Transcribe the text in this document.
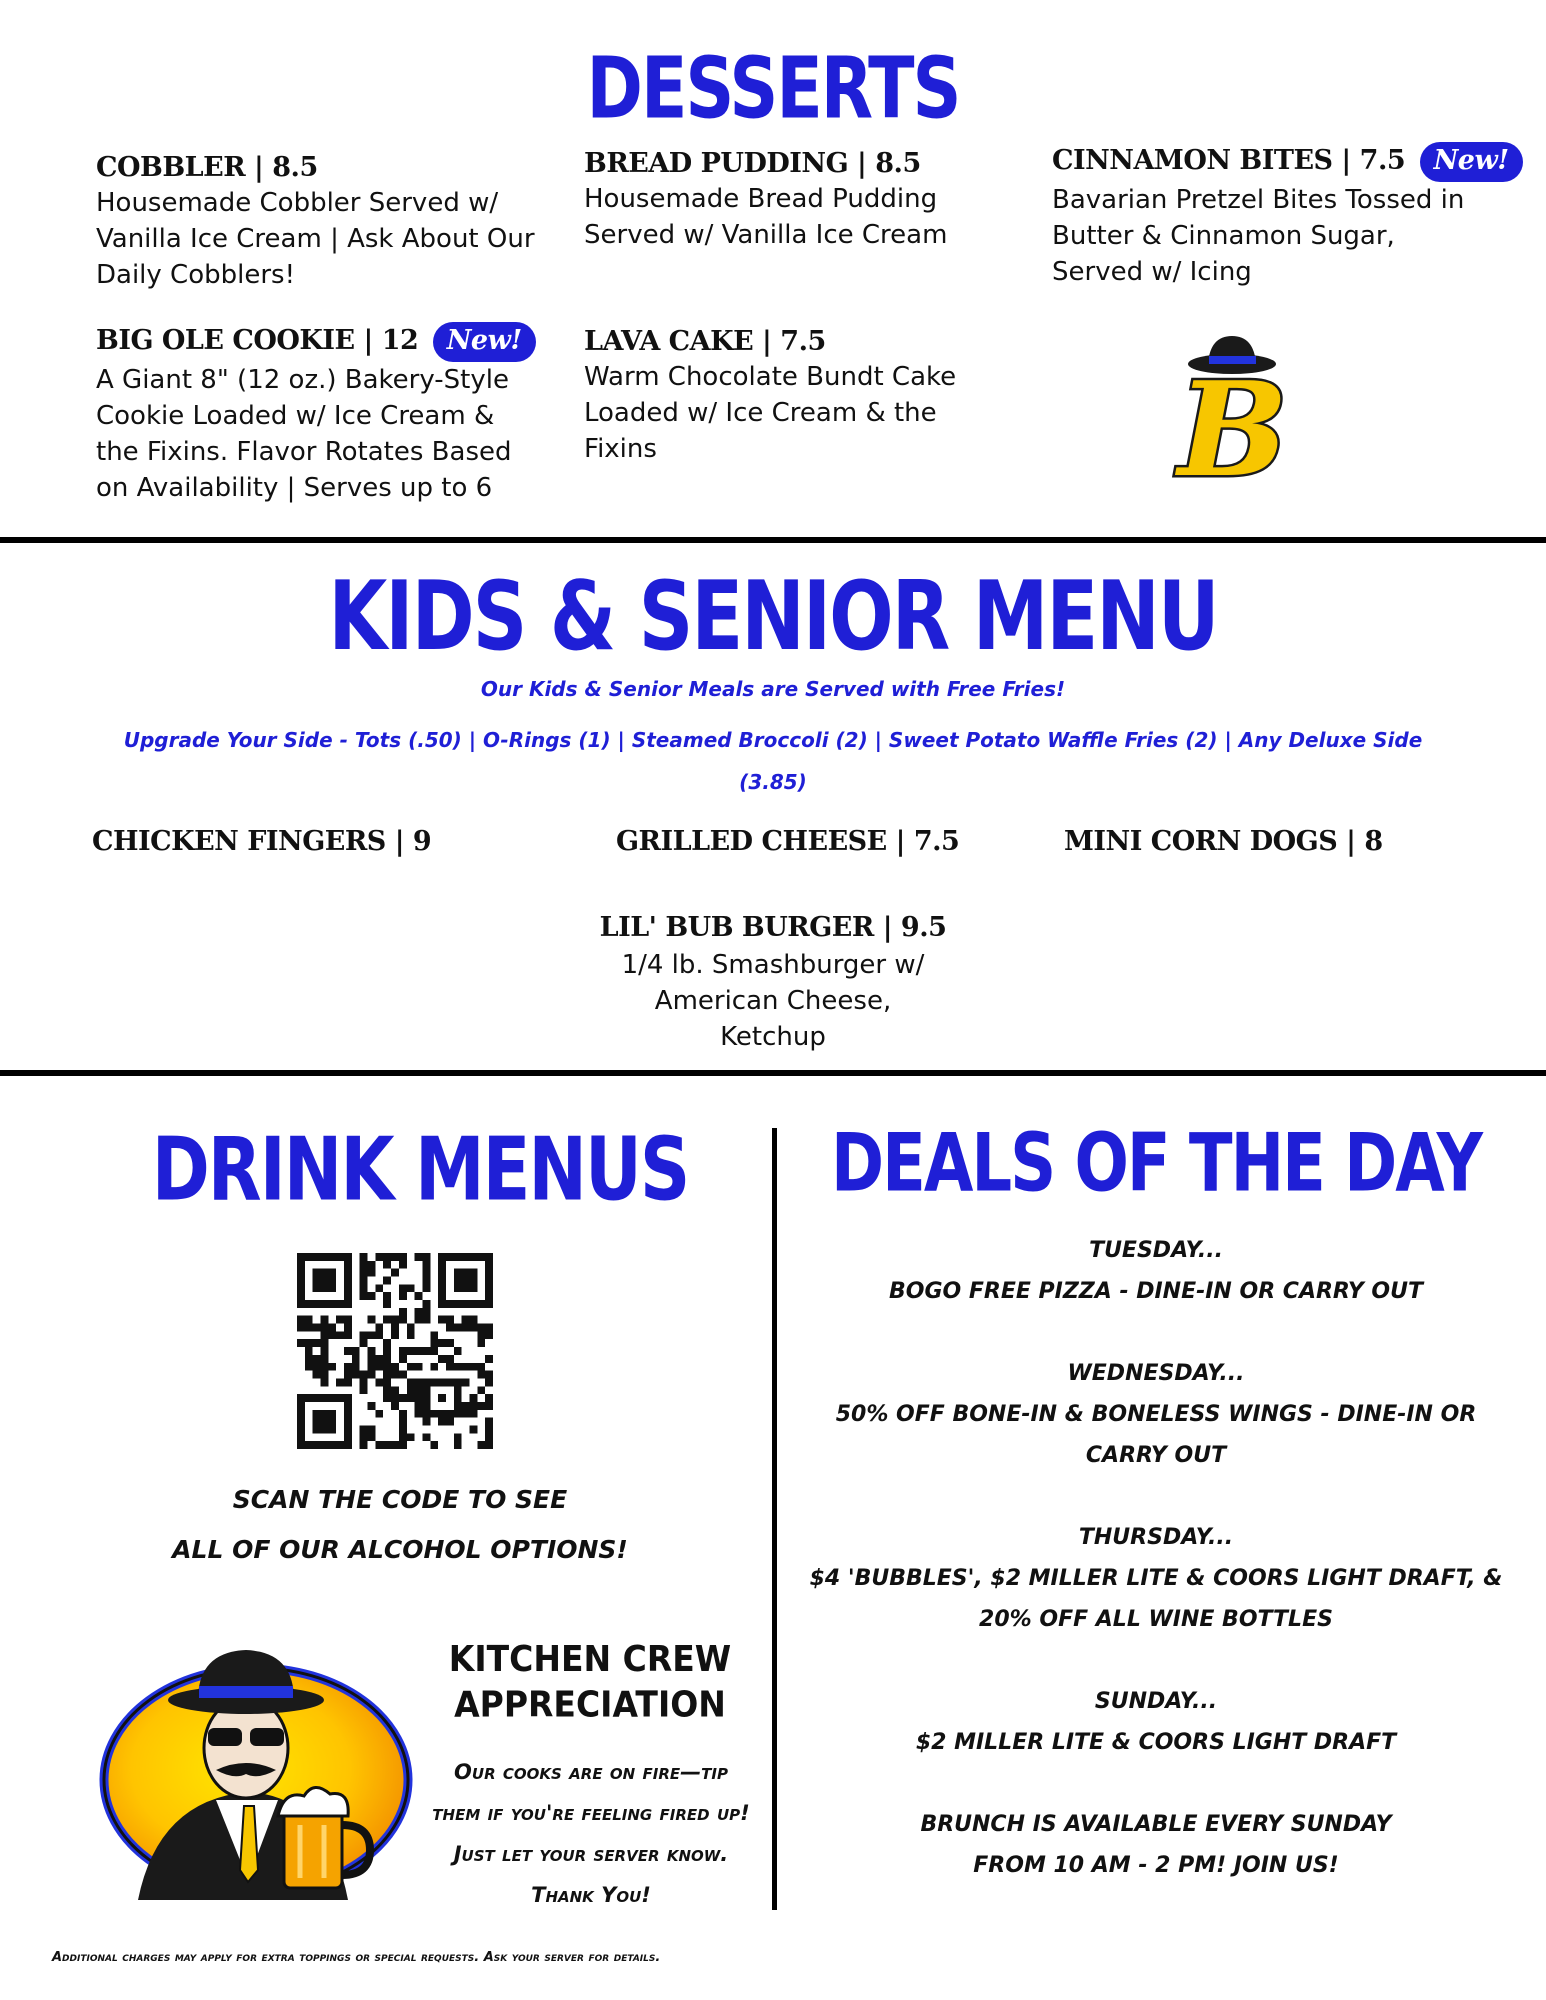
DESSERTS
COBBLER | 8.5
Housemade Cobbler Served w/ Vanilla Ice Cream | Ask About Our Daily Cobblers!
BREAD PUDDING | 8.5
Housemade Bread Pudding Served w/ Vanilla Ice Cream
CINNAMON BITES | 7.5 New!
Bavarian Pretzel Bites Tossed in Butter & Cinnamon Sugar, Served w/ Icing
BIG OLE COOKIE | 12 New!
A Giant 8" (12 oz.) Bakery-Style Cookie Loaded w/ Ice Cream & the Fixins. Flavor Rotates Based on Availability | Serves up to 6
LAVA CAKE | 7.5
Warm Chocolate Bundt Cake Loaded w/ Ice Cream & the Fixins	B
KIDS & SENIOR MENU
Our Kids & Senior Meals are Served with Free Fries!
Upgrade Your Side - Tots (.50) | O-Rings (1) | Steamed Broccoli (2) | Sweet Potato Waffle Fries (2) | Any Deluxe Side (3.85)
CHICKEN FINGERS | 9	GRILLED CHEESE | 7.5	MINI CORN DOGS | 8
LIL' BUB BURGER | 9.5
1/4 lb. Smashburger w/ American Cheese, Ketchup
DRINK MENUS
SCAN THE CODE TO SEE
ALL OF OUR ALCOHOL OPTIONS!
KITCHEN CREW
APPRECIATION
Our cooks are on fire—tip them if you're feeling fired up! Just let your server know. Thank You!
DEALS OF THE DAY
TUESDAY...
BOGO FREE PIZZA - DINE-IN OR CARRY OUT
WEDNESDAY...
50% OFF BONE-IN & BONELESS WINGS - DINE-IN OR
CARRY OUT
THURSDAY...
$4 'BUBBLES', $2 MILLER LITE & COORS LIGHT DRAFT, &
20% OFF ALL WINE BOTTLES
SUNDAY...
$2 MILLER LITE & COORS LIGHT DRAFT
BRUNCH IS AVAILABLE EVERY SUNDAY
FROM 10 AM - 2 PM! JOIN US!
Additional charges may apply for extra toppings or special requests. Ask your server for details.
